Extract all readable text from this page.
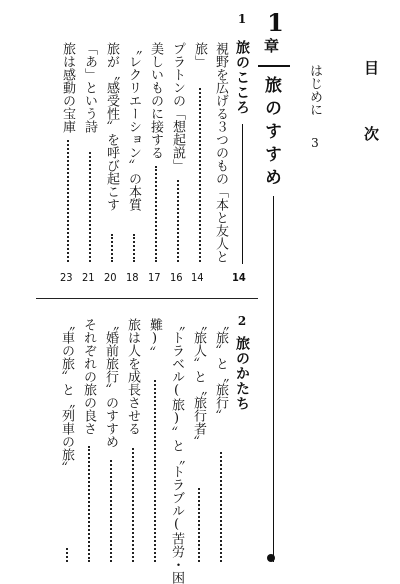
目　次
はじめに
3
1
章
旅のすすめ
14
1
旅のこころ
視野を広げる３つのもの「本と友人と
旅」
14
プラトンの「想起説」
16
美しいものに接する
17
〝レクリエーション〟の本質
18
旅が〝感受性〟を呼び起こす
20
「あ」という詩
21
旅は感動の宝庫
23
2
旅のかたち
〝旅〟と〝旅行〟
〝旅人〟と〝旅行者〟
〝トラベル(旅)〟と〝トラブル(苦労・困
難)〟
旅は人を成長させる
〝婚前旅行〟のすすめ
それぞれの旅の良さ
〝車の旅〟と〝列車の旅〟
